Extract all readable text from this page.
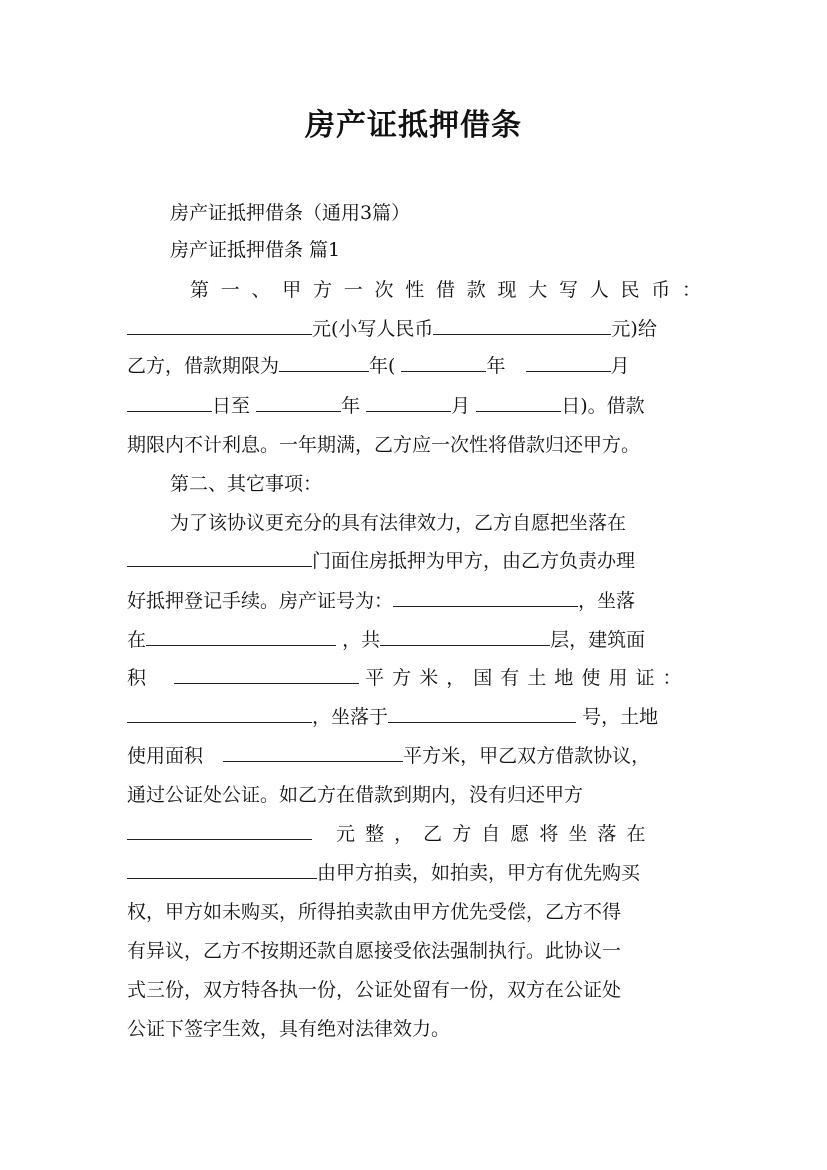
房产证抵押借条
房产证抵押借条（通用3篇）
房产证抵押借条 篇1
第 一 、 甲 方 一 次 性 借 款 现 大 写 人 民 币 ：
元(小写人民币	元)给
乙方，借款期限为	年(	年	月
日至	年	月	日)。借款
期限内不计利息。一年期满，乙方应一次性将借款归还甲方。
第二、其它事项：
为了该协议更充分的具有法律效力，乙方自愿把坐落在
门面住房抵押为甲方，由乙方负责办理
好抵押登记手续。房产证号为：	，坐落
在	，共	层，建筑面
积	平 方 米 ， 国 有 土 地 使 用 证 ：
，坐落于	号，土地
使用面积	平方米，甲乙双方借款协议，
通过公证处公证。如乙方在借款到期内，没有归还甲方
元 整 ， 乙 方 自 愿 将 坐 落 在
由甲方拍卖，如拍卖，甲方有优先购买
权，甲方如未购买，所得拍卖款由甲方优先受偿，乙方不得
有异议，乙方不按期还款自愿接受依法强制执行。此协议一
式三份，双方特各执一份，公证处留有一份，双方在公证处
公证下签字生效，具有绝对法律效力。
